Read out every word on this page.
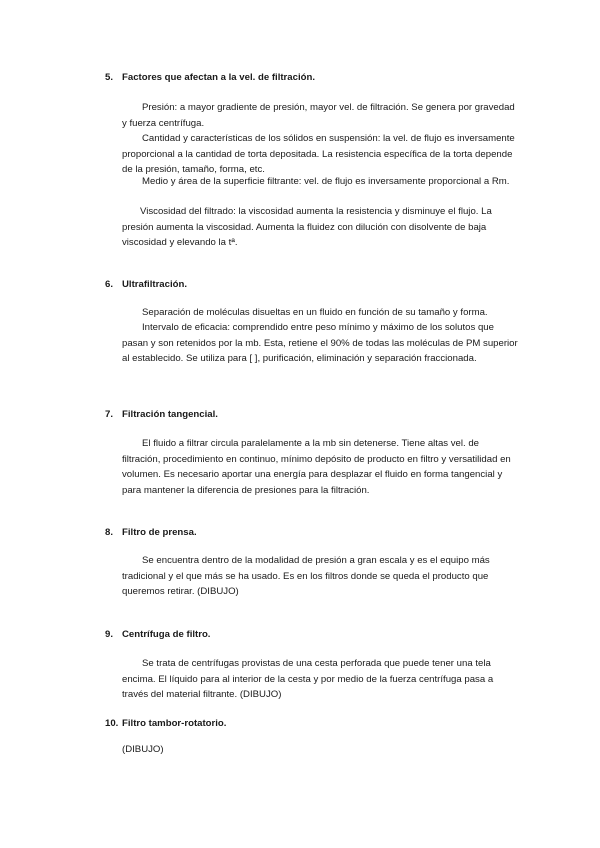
5. Factores que afectan a la vel. de filtración.

Presión: a mayor gradiente de presión, mayor vel. de filtración. Se genera por gravedad y fuerza centrífuga.

Cantidad y características de los sólidos en suspensión: la vel. de flujo es inversamente proporcional a la cantidad de torta depositada. La resistencia específica de la torta depende de la presión, tamaño, forma, etc.

Medio y área de la superficie filtrante: vel. de flujo es inversamente proporcional a Rm.

Viscosidad del filtrado: la viscosidad aumenta la resistencia y disminuye el flujo. La presión aumenta la viscosidad. Aumenta la fluidez con dilución con disolvente de baja viscosidad y elevando la tª.

6. Ultrafiltración.

Separación de moléculas disueltas en un fluido en función de su tamaño y forma.

Intervalo de eficacia: comprendido entre peso mínimo y máximo de los solutos que pasan y son retenidos por la mb. Esta, retiene el 90% de todas las moléculas de PM superior al establecido. Se utiliza para [ ], purificación, eliminación y separación fraccionada.

7. Filtración tangencial.

El fluido a filtrar circula paralelamente a la mb sin detenerse. Tiene altas vel. de filtración, procedimiento en continuo, mínimo depósito de producto en filtro y versatilidad en volumen. Es necesario aportar una energía para desplazar el fluido en forma tangencial y para mantener la diferencia de presiones para la filtración.

8. Filtro de prensa.

Se encuentra dentro de la modalidad de presión a gran escala y es el equipo más tradicional y el que más se ha usado. Es en los filtros donde se queda el producto que queremos retirar. (DIBUJO)

9. Centrífuga de filtro.

Se trata de centrífugas provistas de una cesta perforada que puede tener una tela encima. El líquido para al interior de la cesta y por medio de la fuerza centrífuga pasa a través del material filtrante. (DIBUJO)

10. Filtro tambor-rotatorio.

(DIBUJO)
